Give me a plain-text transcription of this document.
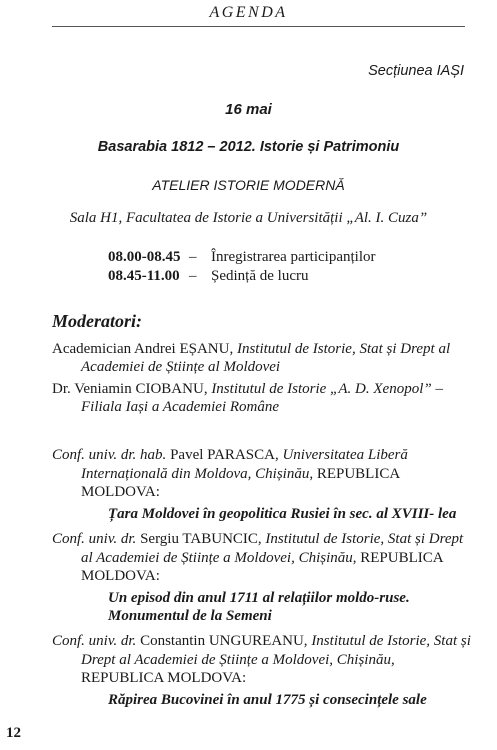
AGENDA
Secțiunea IAȘI
16 mai
Basarabia 1812 – 2012. Istorie și Patrimoniu
ATELIER ISTORIE MODERNĂ
Sala H1, Facultatea de Istorie a Universității „Al. I. Cuza”
08.00-08.45 – Înregistrarea participanților
08.45-11.00 – Ședință de lucru
Moderatori:

Academician Andrei EȘANU, Institutul de Istorie, Stat și Drept al Academiei de Științe al Moldovei

Dr. Veniamin CIOBANU, Institutul de Istorie „A. D. Xenopol” – Filiala Iași a Academiei Române

Conf. univ. dr. hab. Pavel PARASCA, Universitatea Liberă Internațională din Moldova, Chișinău, REPUBLICA MOLDOVA:

Țara Moldovei în geopolitica Rusiei în sec. al XVIII- lea

Conf. univ. dr. Sergiu TABUNCIC, Institutul de Istorie, Stat și Drept al Academiei de Științe a Moldovei, Chișinău, REPUBLICA MOLDOVA:

Un episod din anul 1711 al relațiilor moldo-ruse. Monumentul de la Semeni

Conf. univ. dr. Constantin UNGUREANU, Institutul de Istorie, Stat și Drept al Academiei de Științe a Moldovei, Chișinău, REPUBLICA MOLDOVA:

Răpirea Bucovinei în anul 1775 și consecințele sale

12
